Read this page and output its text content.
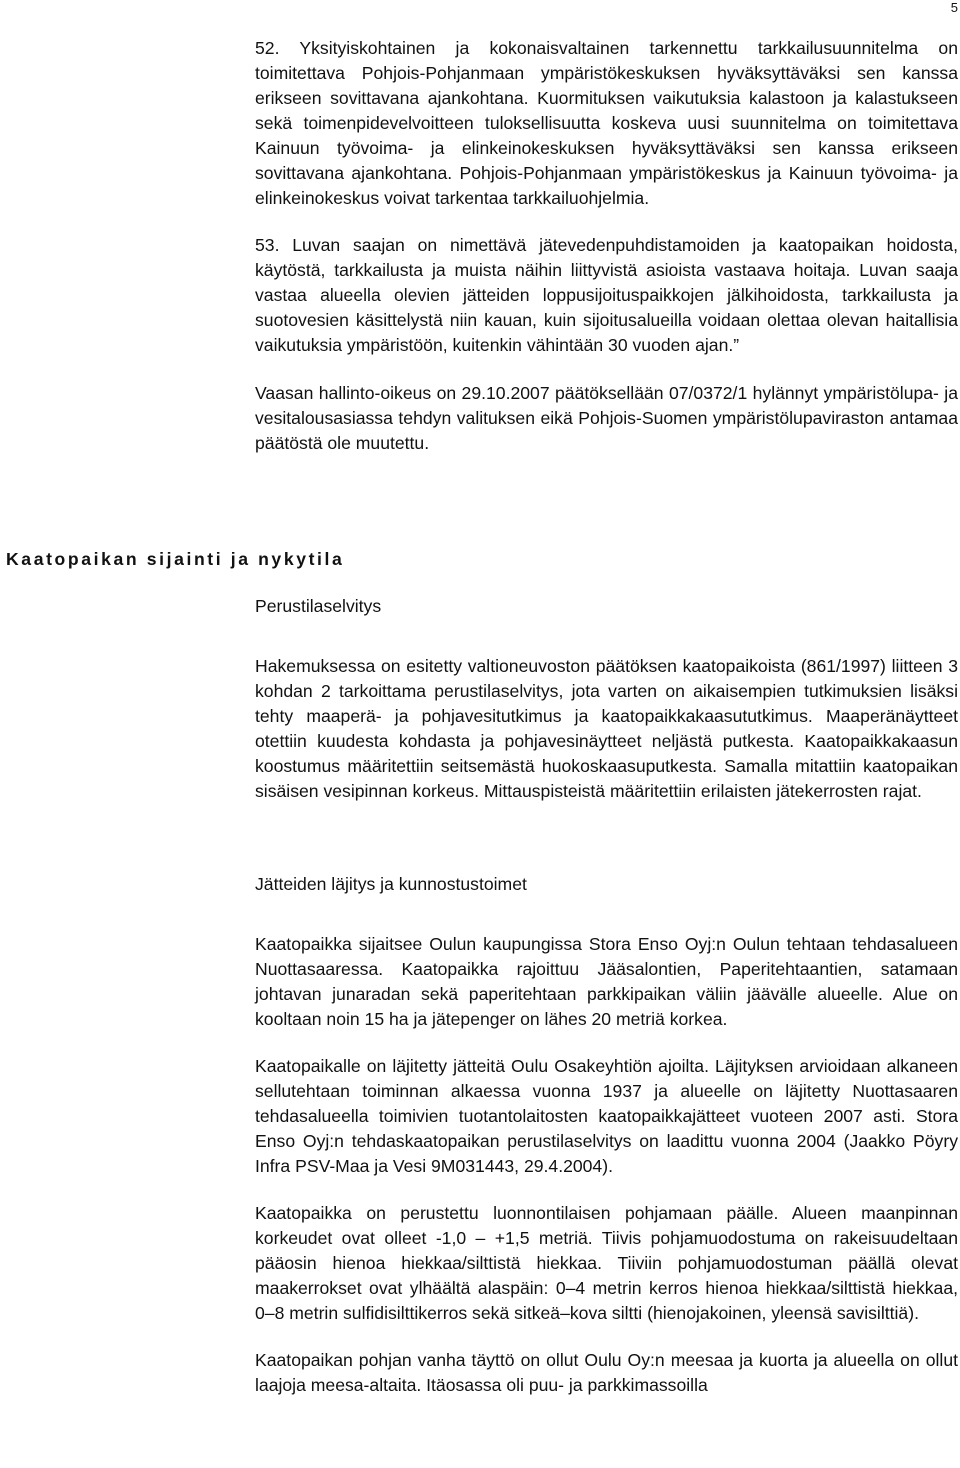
5

52. Yksityiskohtainen ja kokonaisvaltainen tarkennettu tarkkailusuunnitelma on toimitettava Pohjois-Pohjanmaan ympäristökeskuksen hyväksyttäväksi sen kanssa erikseen sovittavana ajankohtana. Kuormituksen vaikutuksia kalastoon ja kalastukseen sekä toimenpidevelvoitteen tuloksellisuutta koskeva uusi suunnitelma on toimitettava Kainuun työvoima- ja elinkeinokeskuksen hyväksyttäväksi sen kanssa erikseen sovittavana ajankohtana. Pohjois-Pohjanmaan ympäristökeskus ja Kainuun työvoima- ja elinkeinokeskus voivat tarkentaa tarkkailuohjelmia.

53. Luvan saajan on nimettävä jätevedenpuhdistamoiden ja kaatopaikan hoidosta, käytöstä, tarkkailusta ja muista näihin liittyvistä asioista vastaava hoitaja. Luvan saaja vastaa alueella olevien jätteiden loppusijoituspaikkojen jälkihoidosta, tarkkailusta ja suotovesien käsittelystä niin kauan, kuin sijoitusalueilla voidaan olettaa olevan haitallisia vaikutuksia ympäristöön, kuitenkin vähintään 30 vuoden ajan.”

Vaasan hallinto-oikeus on 29.10.2007 päätöksellään 07/0372/1 hylännyt ympäristölupa- ja vesitalousasiassa tehdyn valituksen eikä Pohjois-Suomen ympäristölupaviraston antamaa päätöstä ole muutettu.

Kaatopaikan sijainti ja nykytila
Perustilaselvitys

Hakemuksessa on esitetty valtioneuvoston päätöksen kaatopaikoista (861/1997) liitteen 3 kohdan 2 tarkoittama perustilaselvitys, jota varten on aikaisempien tutkimuksien lisäksi tehty maaperä- ja pohjavesitutkimus ja kaatopaikkakaasututkimus. Maaperänäytteet otettiin kuudesta kohdasta ja pohjavesinäytteet neljästä putkesta. Kaatopaikkakaasun koostumus määritettiin seitsemästä huokoskaasuputkesta. Samalla mitattiin kaatopaikan sisäisen vesipinnan korkeus. Mittauspisteistä määritettiin erilaisten jätekerrosten rajat.

Jätteiden läjitys ja kunnostustoimet

Kaatopaikka sijaitsee Oulun kaupungissa Stora Enso Oyj:n Oulun tehtaan tehdasalueen Nuottasaaressa. Kaatopaikka rajoittuu Jääsalontien, Paperitehtaantien, satamaan johtavan junaradan sekä paperitehtaan parkkipaikan väliin jäävälle alueelle. Alue on kooltaan noin 15 ha ja jätepenger on lähes 20 metriä korkea.

Kaatopaikalle on läjitetty jätteitä Oulu Osakeyhtiön ajoilta. Läjityksen arvioidaan alkaneen sellutehtaan toiminnan alkaessa vuonna 1937 ja alueelle on läjitetty Nuottasaaren tehdasalueella toimivien tuotantolaitosten kaatopaikkajätteet vuoteen 2007 asti. Stora Enso Oyj:n tehdaskaatopaikan perustilaselvitys on laadittu vuonna 2004 (Jaakko Pöyry Infra PSV-Maa ja Vesi 9M031443, 29.4.2004).

Kaatopaikka on perustettu luonnontilaisen pohjamaan päälle. Alueen maanpinnan korkeudet ovat olleet -1,0 – +1,5 metriä. Tiivis pohjamuodostuma on rakeisuudeltaan pääosin hienoa hiekkaa/silttistä hiekkaa. Tiiviin pohjamuodostuman päällä olevat maakerrokset ovat ylhäältä alaspäin: 0–4 metrin kerros hienoa hiekkaa/silttistä hiekkaa, 0–8 metrin sulfidisilttikerros sekä sitkeä–kova siltti (hienojakoinen, yleensä savisilttiä).

Kaatopaikan pohjan vanha täyttö on ollut Oulu Oy:n meesaa ja kuorta ja alueella on ollut laajoja meesa-altaita. Itäosassa oli puu- ja parkkimassoilla
